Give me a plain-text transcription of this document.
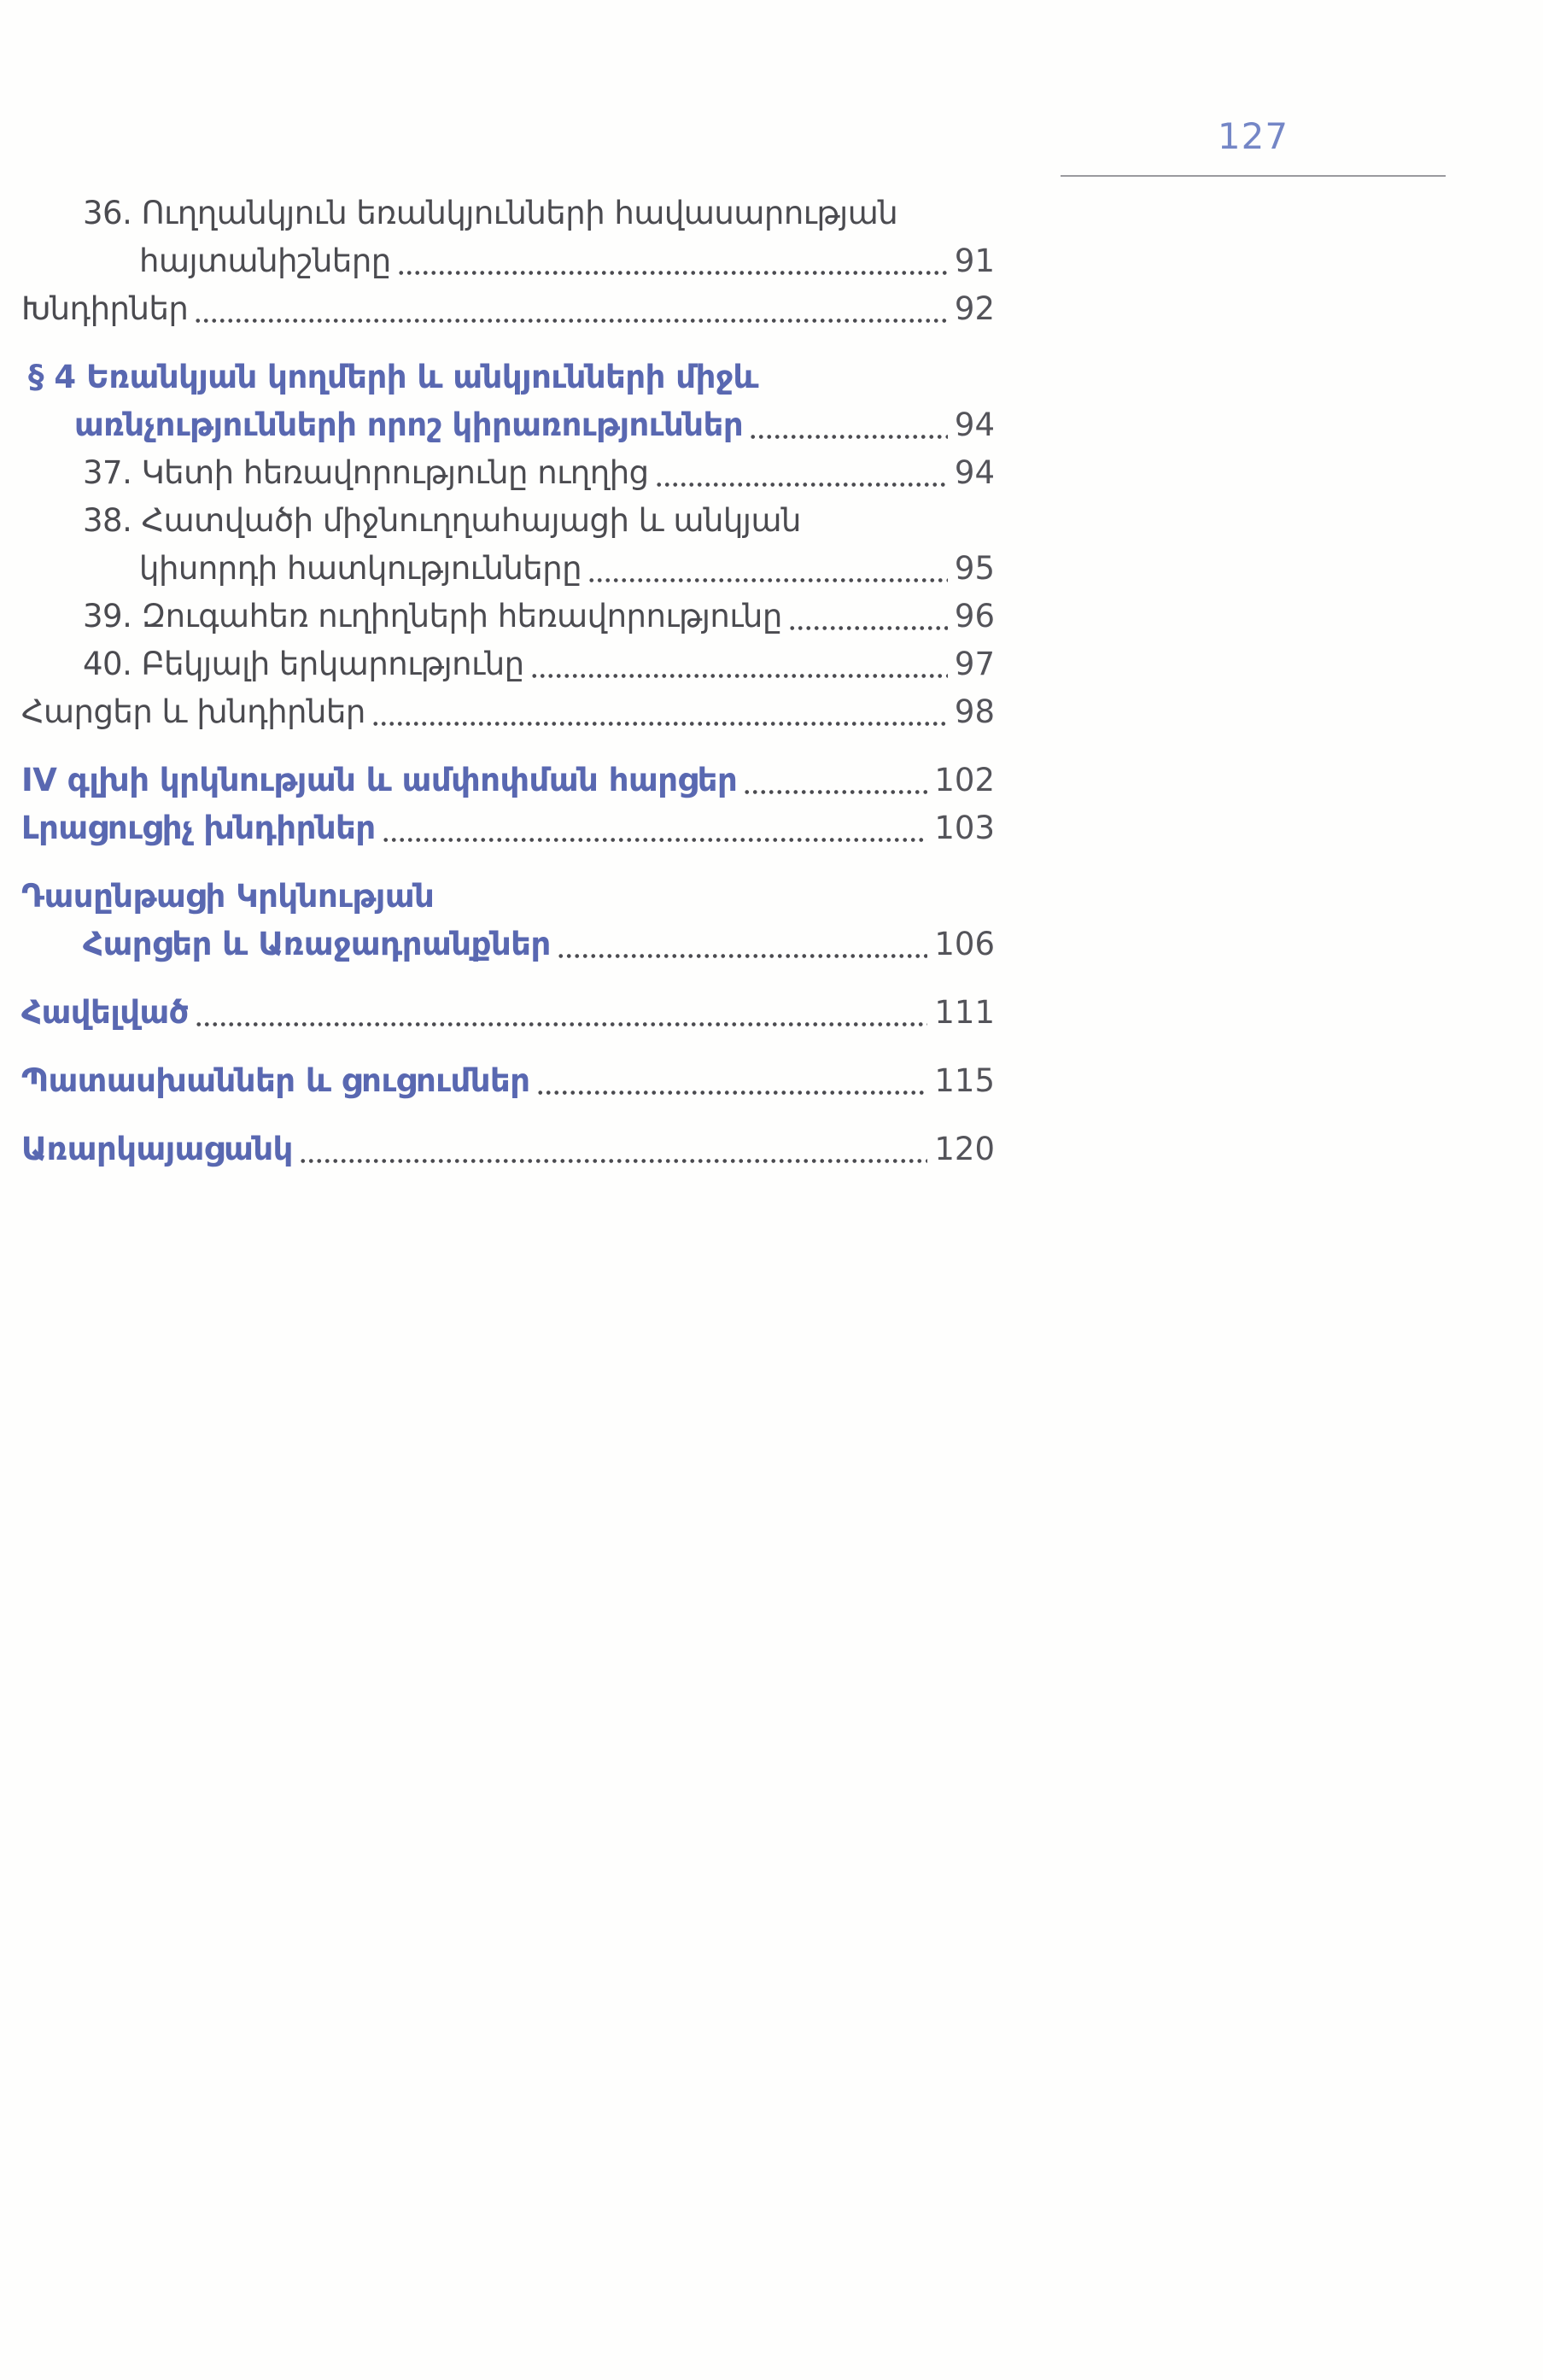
127
36. Ուղղանկյուն եռանկյունների հավասարության
հայտանիշները	91
Խնդիրներ	92
§ 4 Եռանկյան կողմերի և անկյունների միջև
առնչությունների որոշ կիրառություններ	94
37. Կետի հեռավորությունը ուղղից	94
38. Հատվածի միջնուղղահայացի և անկյան
կիսորդի հատկությունները	95
39. Զուգահեռ ուղիղների հեռավորությունը	96
40. Բեկյալի երկարությունը	97
Հարցեր և խնդիրներ	98
IV գլխի կրկնության և ամփոփման հարցեր	102
Լրացուցիչ խնդիրներ	103
Դասընթացի Կրկնության
Հարցեր և Առաջադրանքներ	106
Հավելված	111
Պատասխաններ և ցուցումներ	115
Առարկայացանկ	120
